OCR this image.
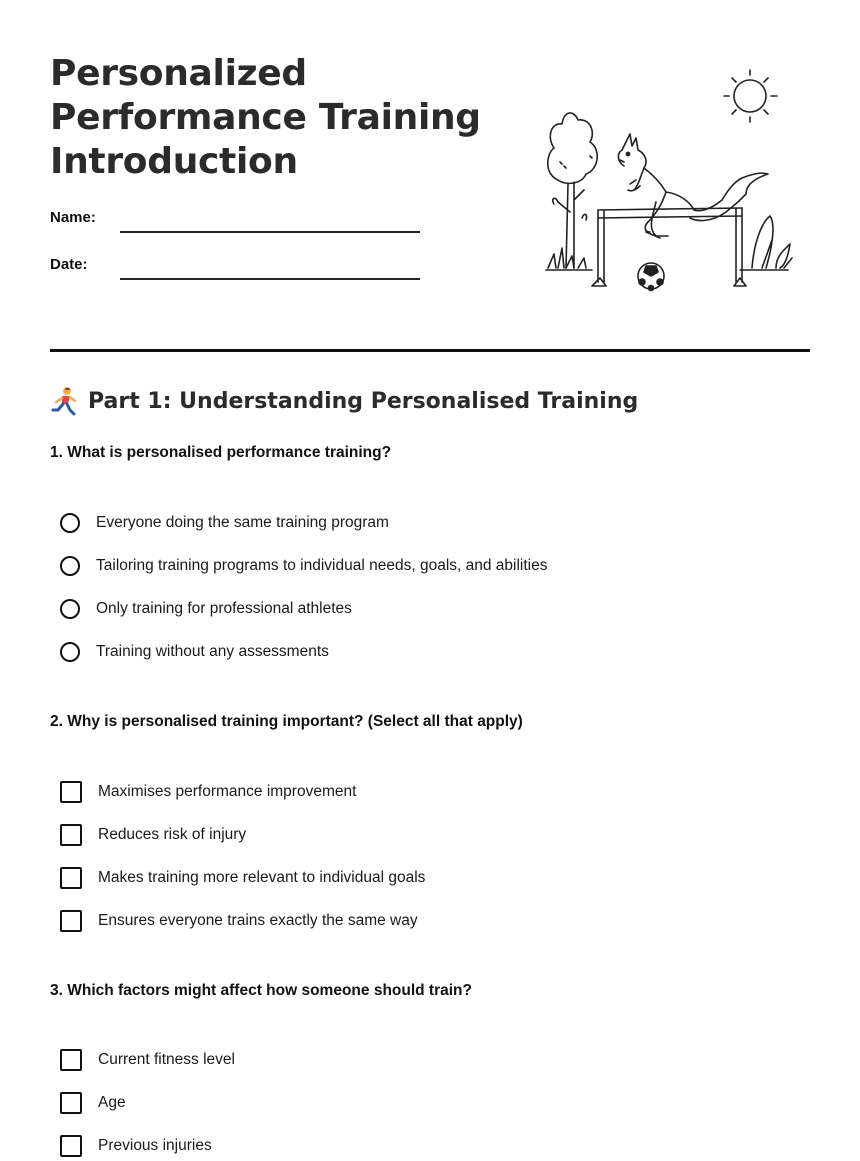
Personalized
Performance Training
Introduction
Name:
Date:
Part 1: Understanding Personalised Training

1. What is personalised performance training?

Everyone doing the same training program
Tailoring training programs to individual needs, goals, and abilities
Only training for professional athletes
Training without any assessments

2. Why is personalised training important? (Select all that apply)

Maximises performance improvement
Reduces risk of injury
Makes training more relevant to individual goals
Ensures everyone trains exactly the same way

3. Which factors might affect how someone should train?

Current fitness level
Age
Previous injuries
